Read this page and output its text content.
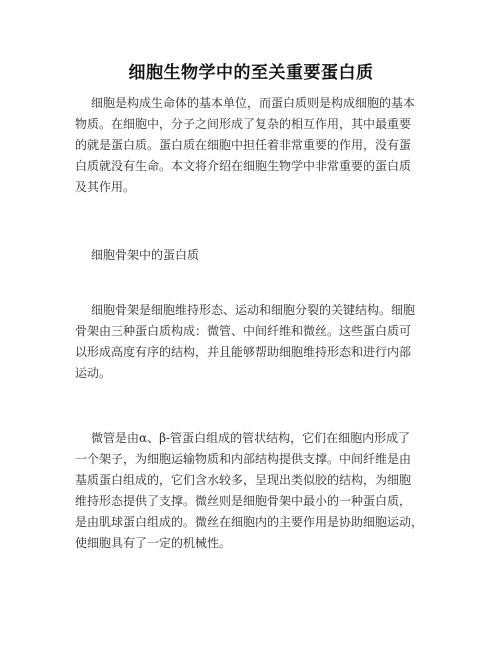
细胞生物学中的至关重要蛋白质

细胞是构成生命体的基本单位，而蛋白质则是构成细胞的基本
物质。在细胞中，分子之间形成了复杂的相互作用，其中最重要
的就是蛋白质。蛋白质在细胞中担任着非常重要的作用，没有蛋
白质就没有生命。本文将介绍在细胞生物学中非常重要的蛋白质
及其作用。

细胞骨架中的蛋白质

细胞骨架是细胞维持形态、运动和细胞分裂的关键结构。细胞
骨架由三种蛋白质构成：微管、中间纤维和微丝。这些蛋白质可
以形成高度有序的结构，并且能够帮助细胞维持形态和进行内部
运动。

微管是由α、β-管蛋白组成的管状结构，它们在细胞内形成了
一个架子，为细胞运输物质和内部结构提供支撑。中间纤维是由
基质蛋白组成的，它们含水较多，呈现出类似胶的结构，为细胞
维持形态提供了支撑。微丝则是细胞骨架中最小的一种蛋白质，
是由肌球蛋白组成的。微丝在细胞内的主要作用是协助细胞运动，
使细胞具有了一定的机械性。
